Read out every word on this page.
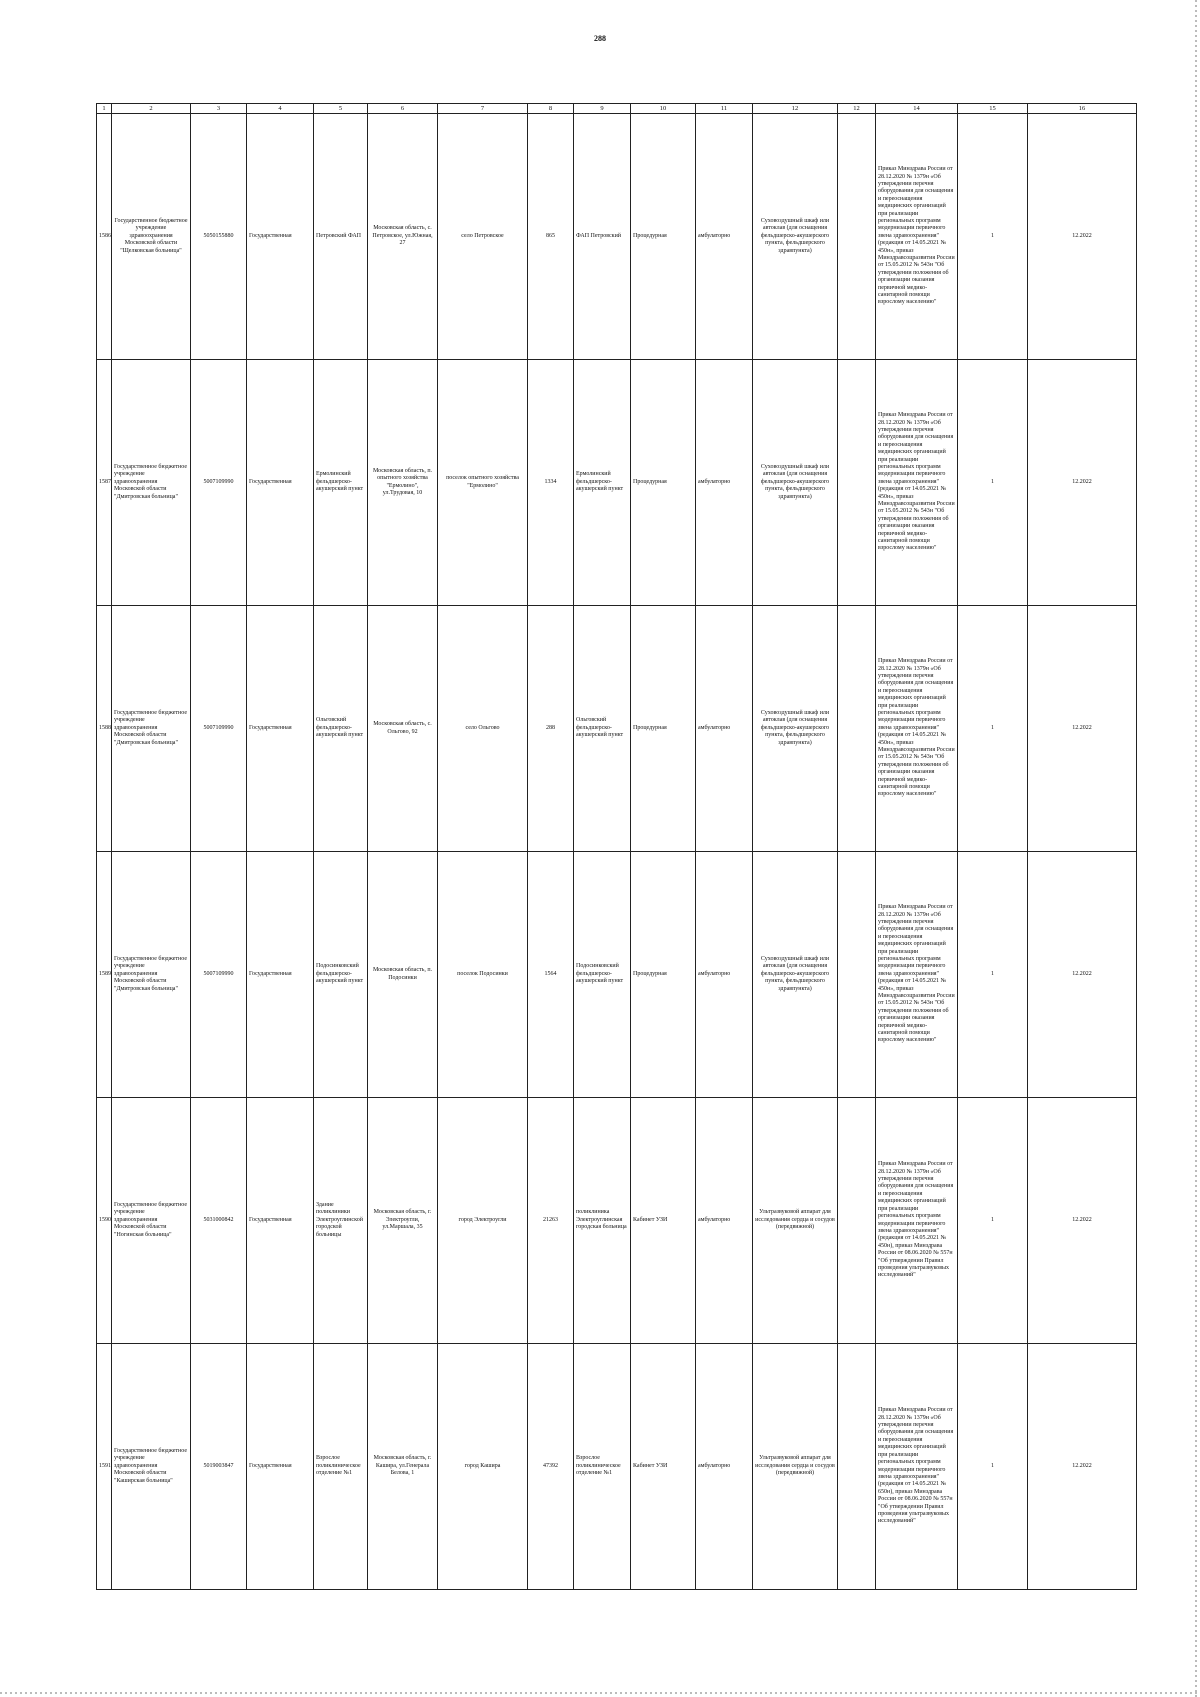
288
1	2	3	4	5	6	7	8	9	10	11	12	12	14	15	16
1586	Государственное бюджетное учреждение здравоохранения Московской области "Щелковская больница"	5050155880	Государственная	Петровский ФАП	Московская область, с. Петровское, ул.Южная, 27	село Петровское	865	ФАП Петровский	Процедурная	амбулаторно	Суховоздушный шкаф или автоклав (для оснащения фельдшерско-акушерского пункта, фельдшерского здравпункта)		Приказ Минздрава России от 28.12.2020 № 1379н «Об утверждении перечня оборудования для оснащения и переоснащения медицинских организаций при реализации региональных программ модернизации первичного звена здравоохранения"(редакция от 14.05.2021 № 450н», приказ Минздравсоцразвития России от 15.05.2012 № 543н "Об утверждении положения об организации оказания первичной медико-санитарной помощи взрослому населению"	1	12.2022
1587	Государственное бюджетное учреждение здравоохранения Московской области "Дмитровская больница"	5007109990	Государственная	Ермолинский фельдшерско-акушерский пункт	Московская область, п. опытного хозяйства "Ермолино", ул.Трудовая, 10	поселок опытного хозяйства "Ермолино"	1334	Ермолинский фельдшерско-акушерский пункт	Процедурная	амбулаторно	Суховоздушный шкаф или автоклав (для оснащения фельдшерско-акушерского пункта, фельдшерского здравпункта)		Приказ Минздрава России от 28.12.2020 № 1379н «Об утверждении перечня оборудования для оснащения и переоснащения медицинских организаций при реализации региональных программ модернизации первичного звена здравоохранения"(редакция от 14.05.2021 № 450н», приказ Минздравсоцразвития России от 15.05.2012 № 543н "Об утверждении положения об организации оказания первичной медико-санитарной помощи взрослому населению"	1	12.2022
1588	Государственное бюджетное учреждение здравоохранения Московской области "Дмитровская больница"	5007109990	Государственная	Ольговский фельдшерско-акушерский пункт	Московская область, с. Ольгово, 92	село Ольгово	288	Ольговский фельдшерско-акушерский пункт	Процедурная	амбулаторно	Суховоздушный шкаф или автоклав (для оснащения фельдшерско-акушерского пункта, фельдшерского здравпункта)		Приказ Минздрава России от 28.12.2020 № 1379н «Об утверждении перечня оборудования для оснащения и переоснащения медицинских организаций при реализации региональных программ модернизации первичного звена здравоохранения"(редакция от 14.05.2021 № 450н», приказ Минздравсоцразвития России от 15.05.2012 № 543н "Об утверждении положения об организации оказания первичной медико-санитарной помощи взрослому населению"	1	12.2022
1589	Государственное бюджетное учреждение здравоохранения Московской области "Дмитровская больница"	5007109990	Государственная	Подосинковский фельдшерско-акушерский пункт	Московская область, п. Подосинки	поселок Подосинки	1564	Подосинковский фельдшерско-акушерский пункт	Процедурная	амбулаторно	Суховоздушный шкаф или автоклав (для оснащения фельдшерско-акушерского пункта, фельдшерского здравпункта)		Приказ Минздрава России от 28.12.2020 № 1379н «Об утверждении перечня оборудования для оснащения и переоснащения медицинских организаций при реализации региональных программ модернизации первичного звена здравоохранения"(редакция от 14.05.2021 № 450н», приказ Минздравсоцразвития России от 15.05.2012 № 543н "Об утверждении положения об организации оказания первичной медико-санитарной помощи взрослому населению"	1	12.2022
1590	Государственное бюджетное учреждение здравоохранения Московской области "Ногинская больница"	5031000842	Государственная	Здание поликлиники Электроуглинской городской больницы	Московская область, г. Электроугли, ул.Маршала, 35	город Электроугли	21263	поликлиника Электроуглинская городская больница	Кабинет УЗИ	амбулаторно	Ультразвуковой аппарат для исследования сердца и сосудов (передвижной)		Приказ Минздрава России от 28.12.2020 № 1379н «Об утверждении перечня оборудования для оснащения и переоснащения медицинских организаций при реализации региональных программ модернизации первичного звена здравоохранения"(редакция от 14.05.2021 № 450н), приказ Минздрава России от 08.06.2020 № 557н "Об утверждении Правил проведения ультразвуковых исследований"	1	12.2022
1591	Государственное бюджетное учреждение здравоохранения Московской области "Каширская больница"	5019003847	Государственная	Взрослое поликлиническое отделение №1	Московская область, г. Кашира, ул.Генерала Белова, 1	город Кашира	47392	Взрослое поликлиническое отделение №1	Кабинет УЗИ	амбулаторно	Ультразвуковой аппарат для исследования сердца и сосудов (передвижной)		Приказ Минздрава России от 28.12.2020 № 1379н «Об утверждении перечня оборудования для оснащения и переоснащения медицинских организаций при реализации региональных программ модернизации первичного звена здравоохранения"(редакция от 14.05.2021 № 650н), приказ Минздрава России от 08.06.2020 № 557н "Об утверждении Правил проведения ультразвуковых исследований"	1	12.2022
